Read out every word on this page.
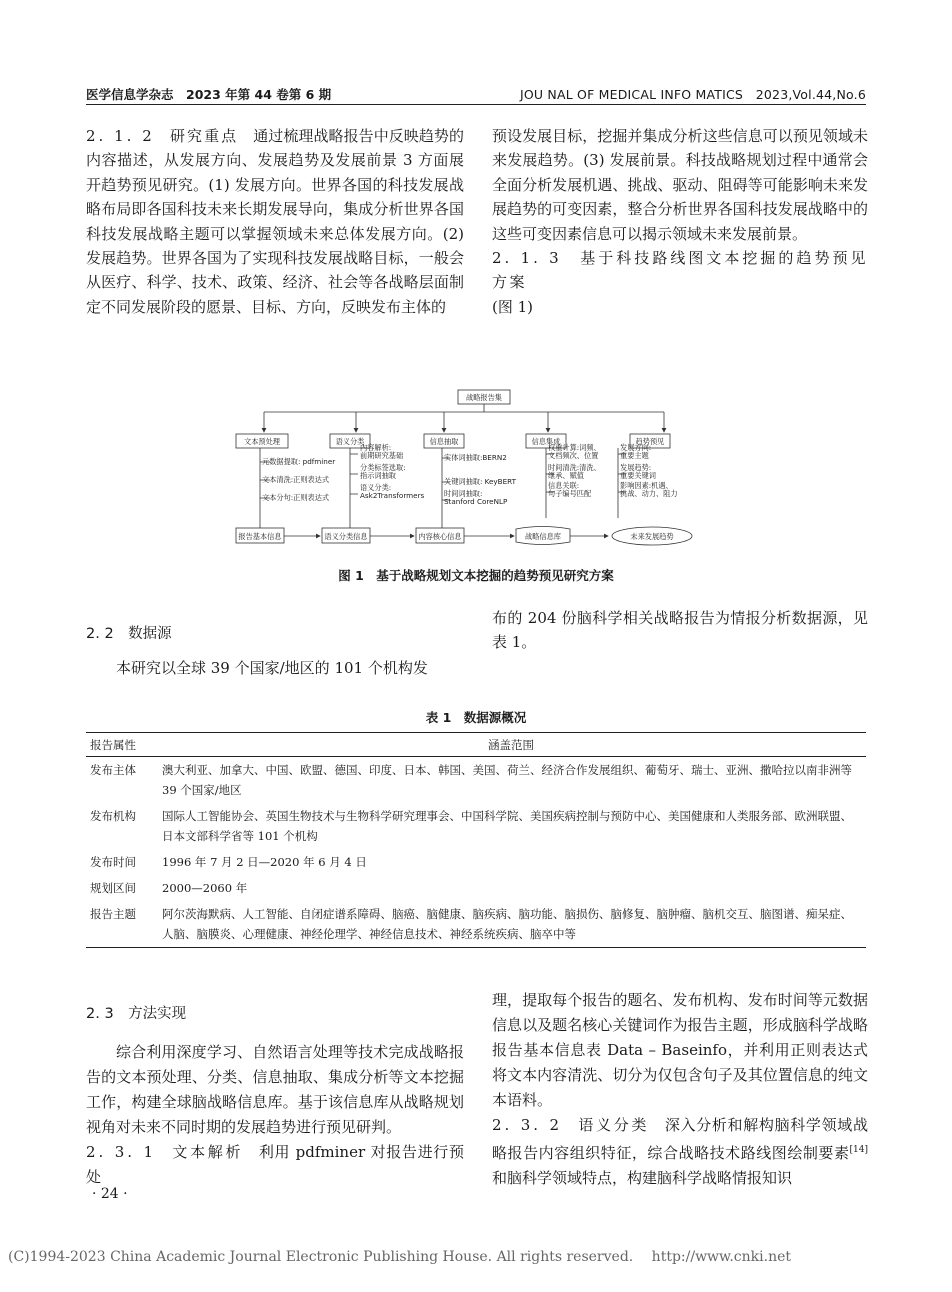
医学信息学杂志　2023 年第 44 卷第 6 期	JOU NAL OF MEDICAL INFO MATICS　2023,Vol.44,No.6

2. 1. 2　 研究重点　 通过梳理战略报告中反映趋势的内容描述，从发展方向、发展趋势及发展前景 3 方面展开趋势预见研究。(1) 发展方向。世界各国的科技发展战略布局即各国科技未来长期发展导向，集成分析世界各国科技发展战略主题可以掌握领域未来总体发展方向。(2) 发展趋势。世界各国为了实现科技发展战略目标，一般会从医疗、科学、技术、政策、经济、社会等各战略层面制定不同发展阶段的愿景、目标、方向，反映发布主体的

预设发展目标，挖掘并集成分析这些信息可以预见领域未来发展趋势。(3) 发展前景。科技战略规划过程中通常会全面分析发展机遇、挑战、驱动、阻碍等可能影响未来发展趋势的可变因素，整合分析世界各国科技发展战略中的这些可变因素信息可以揭示领域未来发展前景。

2. 1. 3　 基于科技路线图文本挖掘的趋势预见方案

(图 1)

战略报告集
文本预处理	语义分类	信息抽取	信息集成	趋势预见
元数据提取: pdfminer
文本清洗:正则表达式
文本分句:正则表达式
内容解析:
前期研究基础
分类标签选取:
指示词抽取
语义分类:
Ask2Transformers
实体词抽取:BERN2
关键词抽取: KeyBERT
时间词抽取:
Stanford CoreNLP
权重计算:词频、
文档频次、位置
时间清洗:清洗、
继承、赋值
信息关联:
句子编号匹配
发展方向:
重要主题
发展趋势:
重要关键词
影响因素:机遇、
挑战、动力、阻力
报告基本信息	语义分类信息	内容核心信息	战略信息库	未来发展趋势
图 1　基于战略规划文本挖掘的趋势预见研究方案
2. 2　 数据源

本研究以全球 39 个国家/地区的 101 个机构发

布的 204 份脑科学相关战略报告为情报分析数据源，见表 1。

表 1　数据源概况
报告属性	涵盖范围
发布主体	澳大利亚、加拿大、中国、欧盟、德国、印度、日本、韩国、美国、荷兰、经济合作发展组织、葡萄牙、瑞士、亚洲、撒哈拉以南非洲等 39 个国家/地区
发布机构	国际人工智能协会、英国生物技术与生物科学研究理事会、中国科学院、美国疾病控制与预防中心、美国健康和人类服务部、欧洲联盟、日本文部科学省等 101 个机构
发布时间	1996 年 7 月 2 日—2020 年 6 月 4 日
规划区间	2000—2060 年
报告主题	阿尔茨海默病、人工智能、自闭症谱系障碍、脑癌、脑健康、脑疾病、脑功能、脑损伤、脑修复、脑肿瘤、脑机交互、脑图谱、痴呆症、人脑、脑膜炎、心理健康、神经伦理学、神经信息技术、神经系统疾病、脑卒中等
2. 3　 方法实现

综合利用深度学习、自然语言处理等技术完成战略报告的文本预处理、分类、信息抽取、集成分析等文本挖掘工作，构建全球脑战略信息库。基于该信息库从战略规划视角对未来不同时期的发展趋势进行预见研判。

2. 3. 1　 文本解析　 利用 pdfminer 对报告进行预处

理，提取每个报告的题名、发布机构、发布时间等元数据信息以及题名核心关键词作为报告主题，形成脑科学战略报告基本信息表 Data – Baseinfo，并利用正则表达式将文本内容清洗、切分为仅包含句子及其位置信息的纯文本语料。

2. 3. 2　 语义分类　 深入分析和解构脑科学领域战略报告内容组织特征，综合战略技术路线图绘制要素[14]和脑科学领域特点，构建脑科学战略情报知识

· 24 ·
(C)1994-2023 China Academic Journal Electronic Publishing House. All rights reserved.　 http://www.cnki.net
